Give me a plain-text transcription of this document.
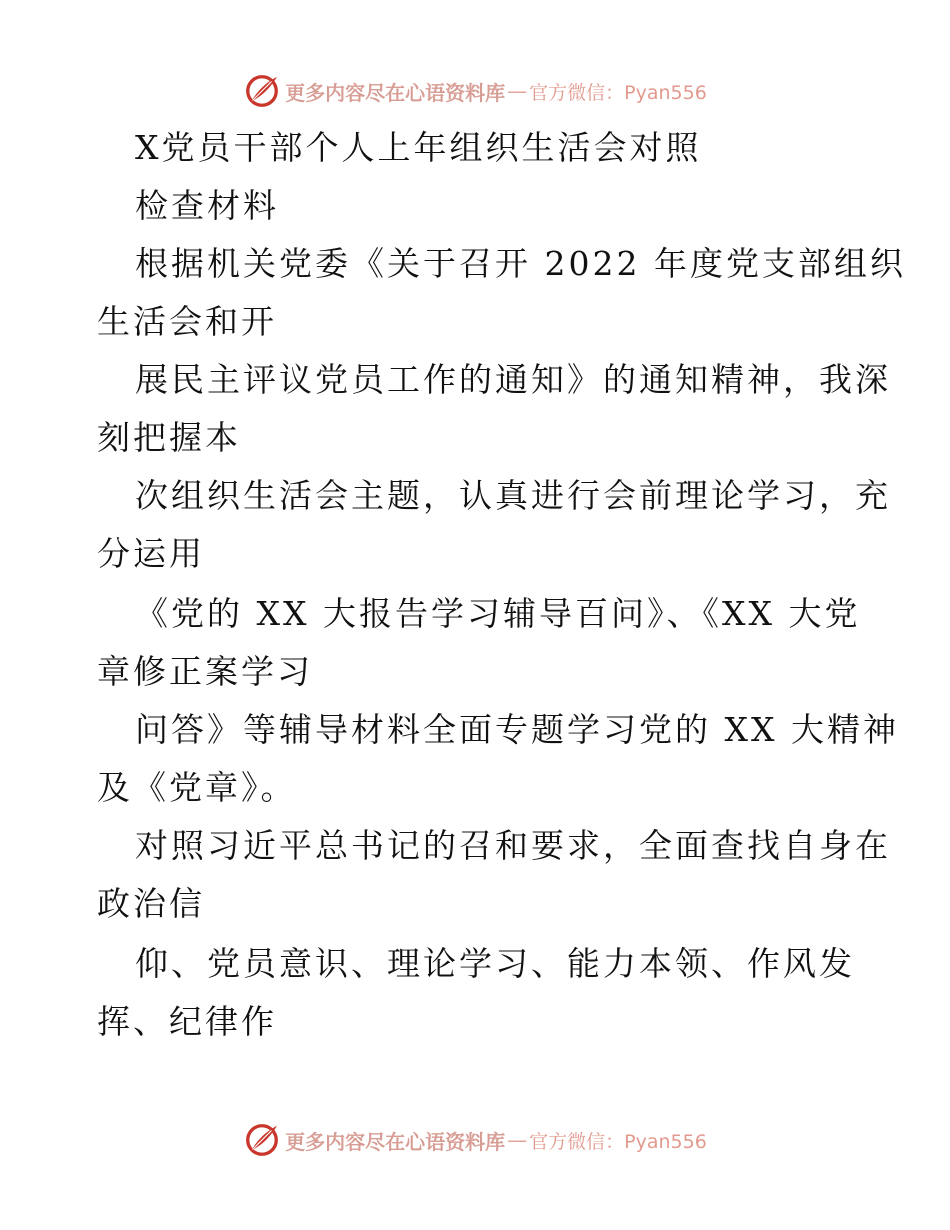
更多内容尽在心语资料库 — 官方微信：Pyan556
X党员干部个人上年组织生活会对照
检查材料
根据机关党委《关于召开 2022 年度党支部组织
生活会和开
展民主评议党员工作的通知》的通知精神，我深
刻把握本
次组织生活会主题，认真进行会前理论学习，充
分运用
《党的 XX 大报告学习辅导百问》、《XX 大党
章修正案学习
问答》等辅导材料全面专题学习党的 XX 大精神
及《党章》。
对照习近平总书记的召和要求，全面查找自身在
政治信
仰、党员意识、理论学习、能力本领、作风发
挥、纪律作
更多内容尽在心语资料库 — 官方微信：Pyan556
